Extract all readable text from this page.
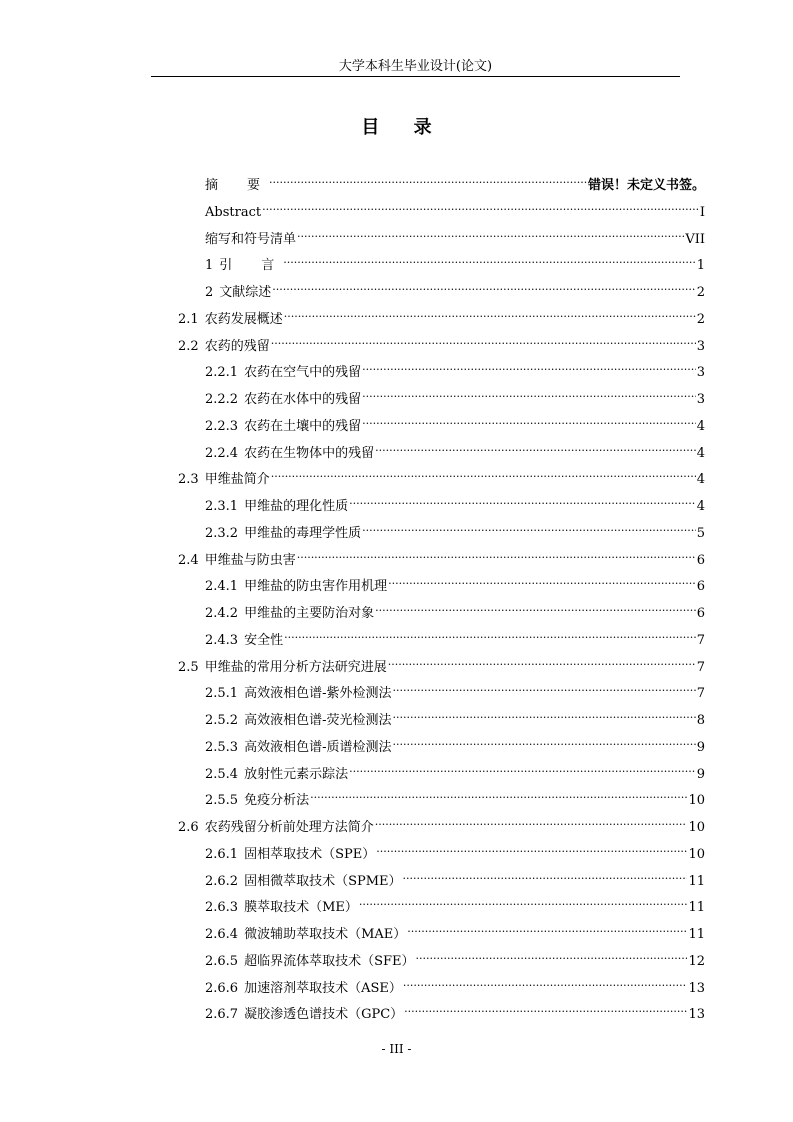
大学本科生毕业设计(论文)
目 录
摘　要 .....	错误！未定义书签。
Abstract .....	I
缩写和符号清单 .....	VII
1 引　言 .....	1
2 文献综述 .....	2
2.1 农药发展概述 .....	2
2.2 农药的残留 .....	3
2.2.1 农药在空气中的残留 .....	3
2.2.2 农药在水体中的残留 .....	3
2.2.3 农药在土壤中的残留 .....	4
2.2.4 农药在生物体中的残留 .....	4
2.3 甲维盐简介 .....	4
2.3.1 甲维盐的理化性质 .....	4
2.3.2 甲维盐的毒理学性质 .....	5
2.4 甲维盐与防虫害 .....	6
2.4.1 甲维盐的防虫害作用机理 .....	6
2.4.2 甲维盐的主要防治对象 .....	6
2.4.3 安全性 .....	7
2.5 甲维盐的常用分析方法研究进展 .....	7
2.5.1 高效液相色谱-紫外检测法 .....	7
2.5.2 高效液相色谱-荧光检测法 .....	8
2.5.3 高效液相色谱-质谱检测法 .....	9
2.5.4 放射性元素示踪法 .....	9
2.5.5 免疫分析法 .....	10
2.6 农药残留分析前处理方法简介 .....	10
2.6.1 固相萃取技术（SPE） .....	10
2.6.2 固相微萃取技术（SPME） .....	11
2.6.3 膜萃取技术（ME） .....	11
2.6.4 微波辅助萃取技术（MAE） .....	11
2.6.5 超临界流体萃取技术（SFE） .....	12
2.6.6 加速溶剂萃取技术（ASE） .....	13
2.6.7 凝胶渗透色谱技术（GPC） .....	13
- III -
